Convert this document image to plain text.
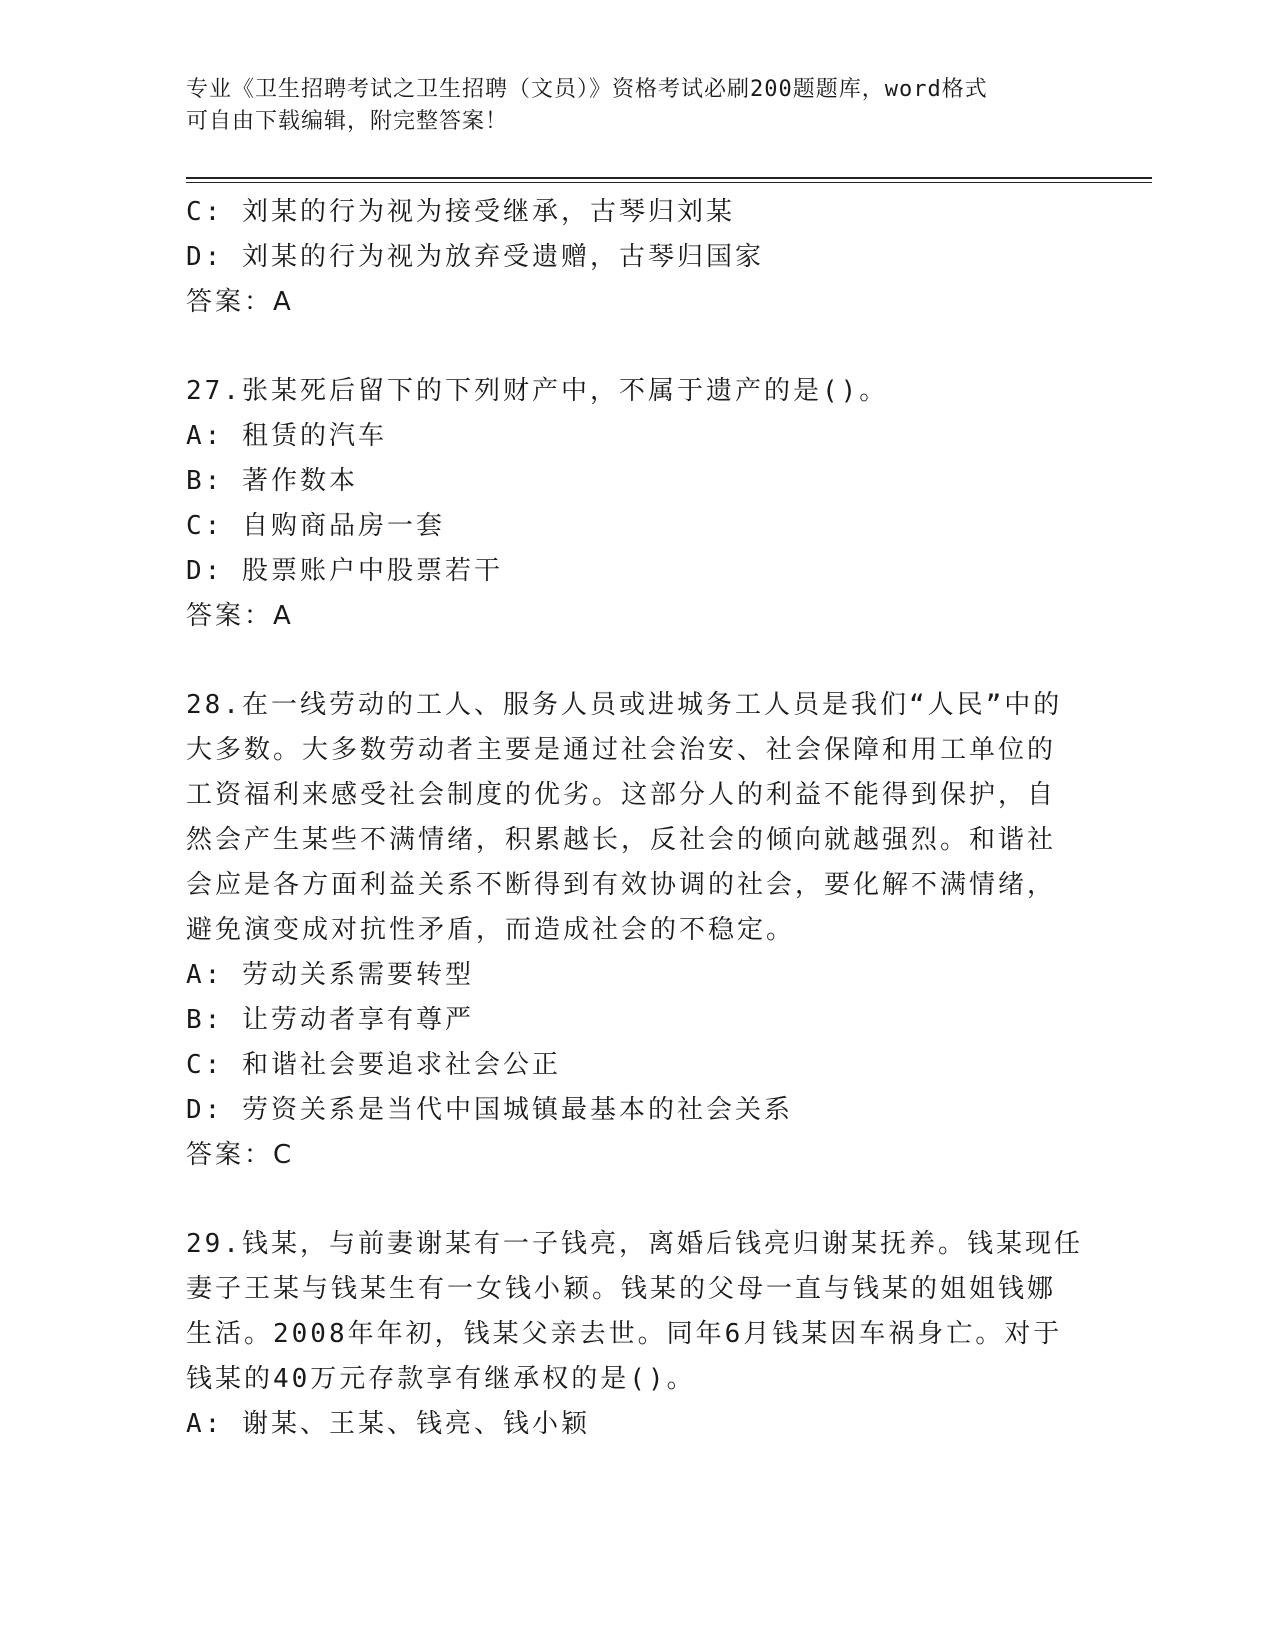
专业《卫生招聘考试之卫生招聘（文员）》资格考试必刷200题题库，word格式
可自由下载编辑，附完整答案！
C: 刘某的行为视为接受继承，古琴归刘某
D: 刘某的行为视为放弃受遗赠，古琴归国家
答案：A
27.张某死后留下的下列财产中，不属于遗产的是()。
A: 租赁的汽车
B: 著作数本
C: 自购商品房一套
D: 股票账户中股票若干
答案：A
28.在一线劳动的工人、服务人员或进城务工人员是我们“人民”中的
大多数。大多数劳动者主要是通过社会治安、社会保障和用工单位的
工资福利来感受社会制度的优劣。这部分人的利益不能得到保护，自
然会产生某些不满情绪，积累越长，反社会的倾向就越强烈。和谐社
会应是各方面利益关系不断得到有效协调的社会，要化解不满情绪，
避免演变成对抗性矛盾，而造成社会的不稳定。
A: 劳动关系需要转型
B: 让劳动者享有尊严
C: 和谐社会要追求社会公正
D: 劳资关系是当代中国城镇最基本的社会关系
答案：C
29.钱某，与前妻谢某有一子钱亮，离婚后钱亮归谢某抚养。钱某现任
妻子王某与钱某生有一女钱小颖。钱某的父母一直与钱某的姐姐钱娜
生活。2008年年初，钱某父亲去世。同年6月钱某因车祸身亡。对于
钱某的40万元存款享有继承权的是()。
A: 谢某、王某、钱亮、钱小颖
